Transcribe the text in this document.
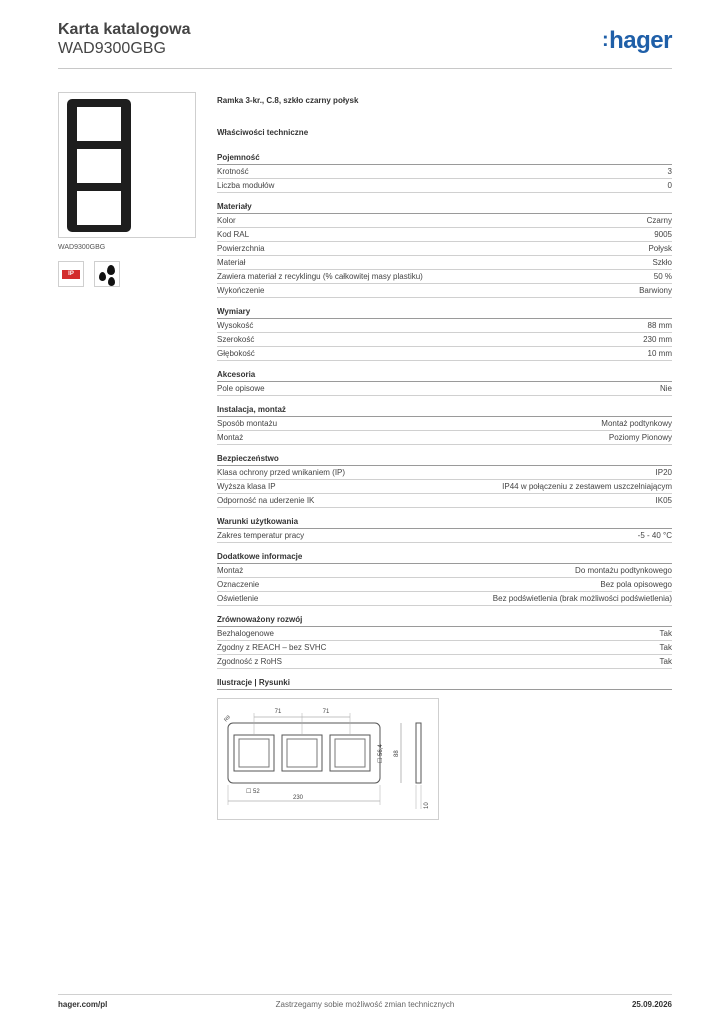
Karta katalogowa
WAD9300GBG	:hager
WAD9300GBG
IP
Ramka 3-kr., C.8, szkło czarny połysk
Właściwości techniczne
Pojemność
Krotność	3
Liczba modułów	0
Materiały
Kolor	Czarny
Kod RAL	9005
Powierzchnia	Połysk
Materiał	Szkło
Zawiera materiał z recyklingu (% całkowitej masy plastiku)	50 %
Wykończenie	Barwiony
Wymiary
Wysokość	88 mm
Szerokość	230 mm
Głębokość	10 mm
Akcesoria
Pole opisowe	Nie
Instalacja, montaż
Sposób montażu	Montaż podtynkowy
Montaż	Poziomy Pionowy
Bezpieczeństwo
Klasa ochrony przed wnikaniem (IP)	IP20
Wyższa klasa IP	IP44 w połączeniu z zestawem uszczelniającym
Odporność na uderzenie IK	IK05
Warunki użytkowania
Zakres temperatur pracy	-5 - 40 °C
Dodatkowe informacje
Montaż	Do montażu podtynkowego
Oznaczenie	Bez pola opisowego
Oświetlenie	Bez podświetlenia (brak możliwości podświetlenia)
Zrównoważony rozwój
Bezhalogenowe	Tak
Zgodny z REACH – bez SVHC	Tak
Zgodność z RoHS	Tak
Ilustracje | Rysunki
71	71
R8
☐ 56,4 88
☐ 52
230
10
Zastrzegamy sobie możliwość zmian technicznych
hager.com/pl	25.09.2026
